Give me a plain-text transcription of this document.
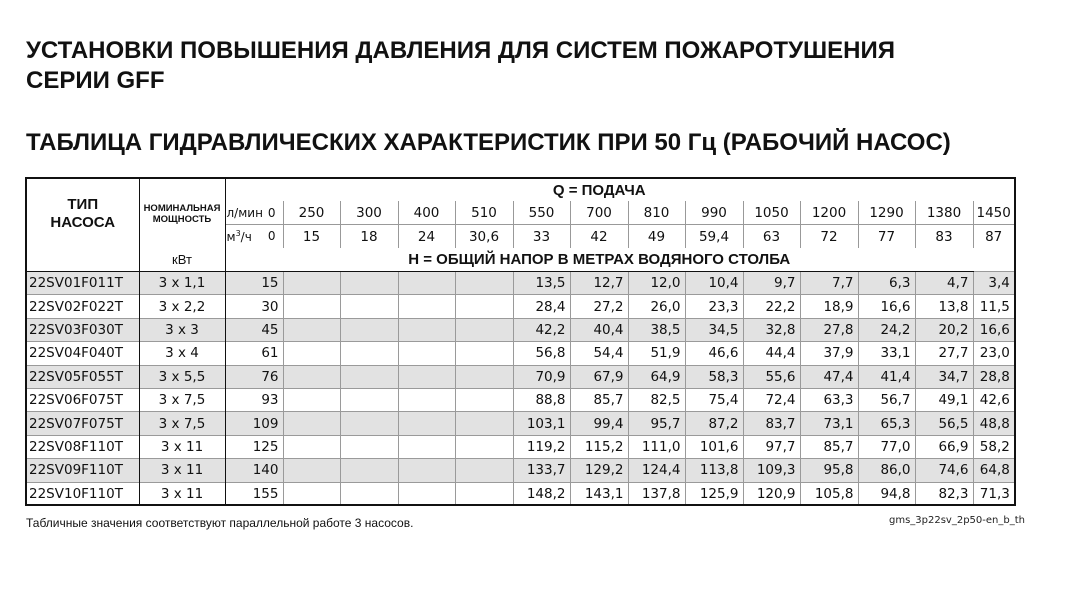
УСТАНОВКИ ПОВЫШЕНИЯ ДАВЛЕНИЯ ДЛЯ СИСТЕМ ПОЖАРОТУШЕНИЯ
СЕРИИ GFF
ТАБЛИЦА ГИДРАВЛИЧЕСКИХ ХАРАКТЕРИСТИК ПРИ 50 Гц (РАБОЧИЙ НАСОС)
ТИП
НАСОСА	НОМИНАЛЬНАЯ МОЩНОСТЬ	Q = ПОДАЧА													
		л/мин 0	250	300	400	510	550	700	810	990	1050	1200	1290	1380	1450
		$м^3/ч$ 0	15	18	24	30,6	33	42	49	59,4	63	72	77	83	87
	кВт	H = ОБЩИЙ НАПОР В МЕТРАХ ВОДЯНОГО СТОЛБА													
22SV01F011T	3 x 1,1	15					13,5	12,7	12,0	10,4	9,7	7,7	6,3	4,7	3,4
22SV02F022T	3 x 2,2	30					28,4	27,2	26,0	23,3	22,2	18,9	16,6	13,8	11,5
22SV03F030T	3 x 3	45					42,2	40,4	38,5	34,5	32,8	27,8	24,2	20,2	16,6
22SV04F040T	3 x 4	61					56,8	54,4	51,9	46,6	44,4	37,9	33,1	27,7	23,0
22SV05F055T	3 x 5,5	76					70,9	67,9	64,9	58,3	55,6	47,4	41,4	34,7	28,8
22SV06F075T	3 x 7,5	93					88,8	85,7	82,5	75,4	72,4	63,3	56,7	49,1	42,6
22SV07F075T	3 x 7,5	109					103,1	99,4	95,7	87,2	83,7	73,1	65,3	56,5	48,8
22SV08F110T	3 x 11	125					119,2	115,2	111,0	101,6	97,7	85,7	77,0	66,9	58,2
22SV09F110T	3 x 11	140					133,7	129,2	124,4	113,8	109,3	95,8	86,0	74,6	64,8
22SV10F110T	3 x 11	155					148,2	143,1	137,8	125,9	120,9	105,8	94,8	82,3	71,3
Табличные значения соответствуют параллельной работе 3 насосов.	gms_3p22sv_2p50-en_b_th
